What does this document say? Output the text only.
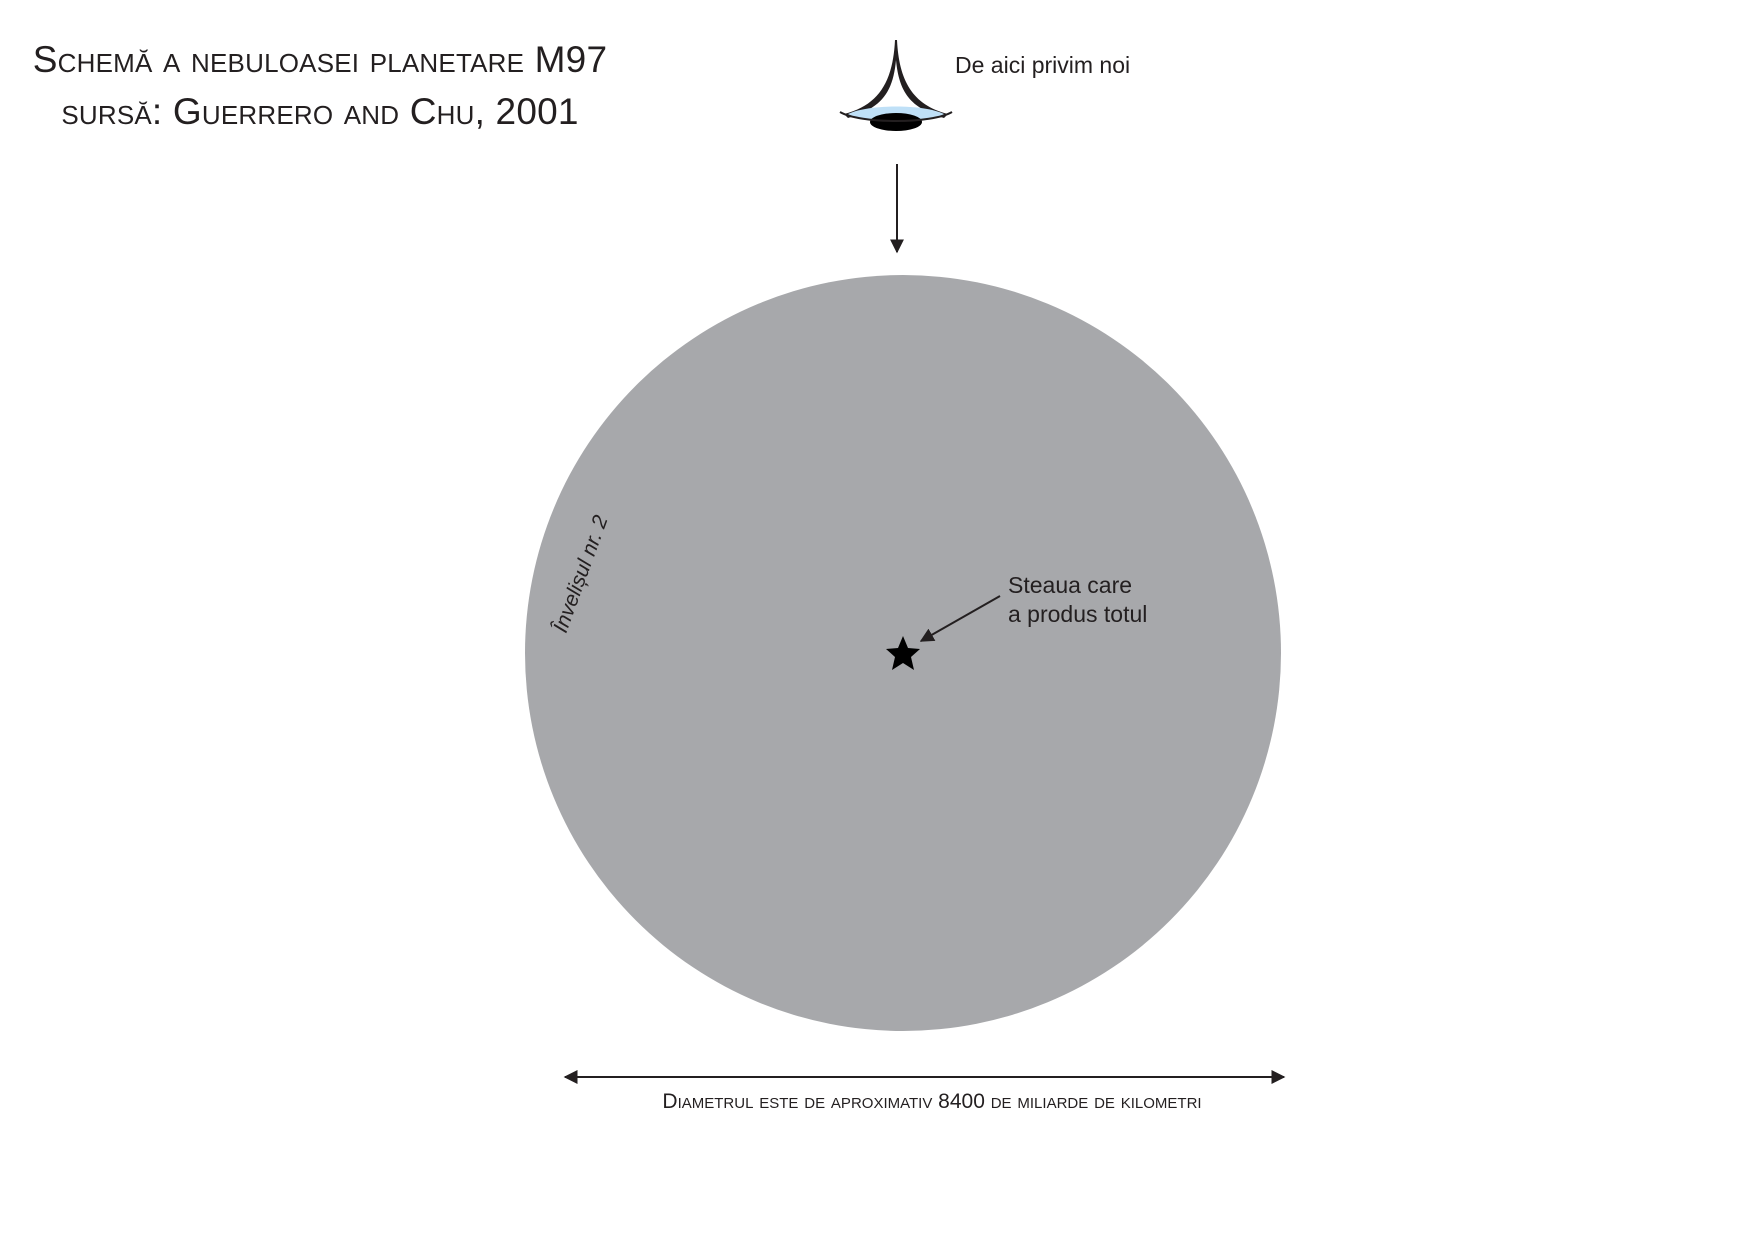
Schemă a nebuloasei planetare M97
sursă: Guerrero and Chu, 2001
De aici privim noi
Învelișul nr. 2	Steaua care
a produs totul
Diametrul este de aproximativ 8400 de miliarde de kilometri
